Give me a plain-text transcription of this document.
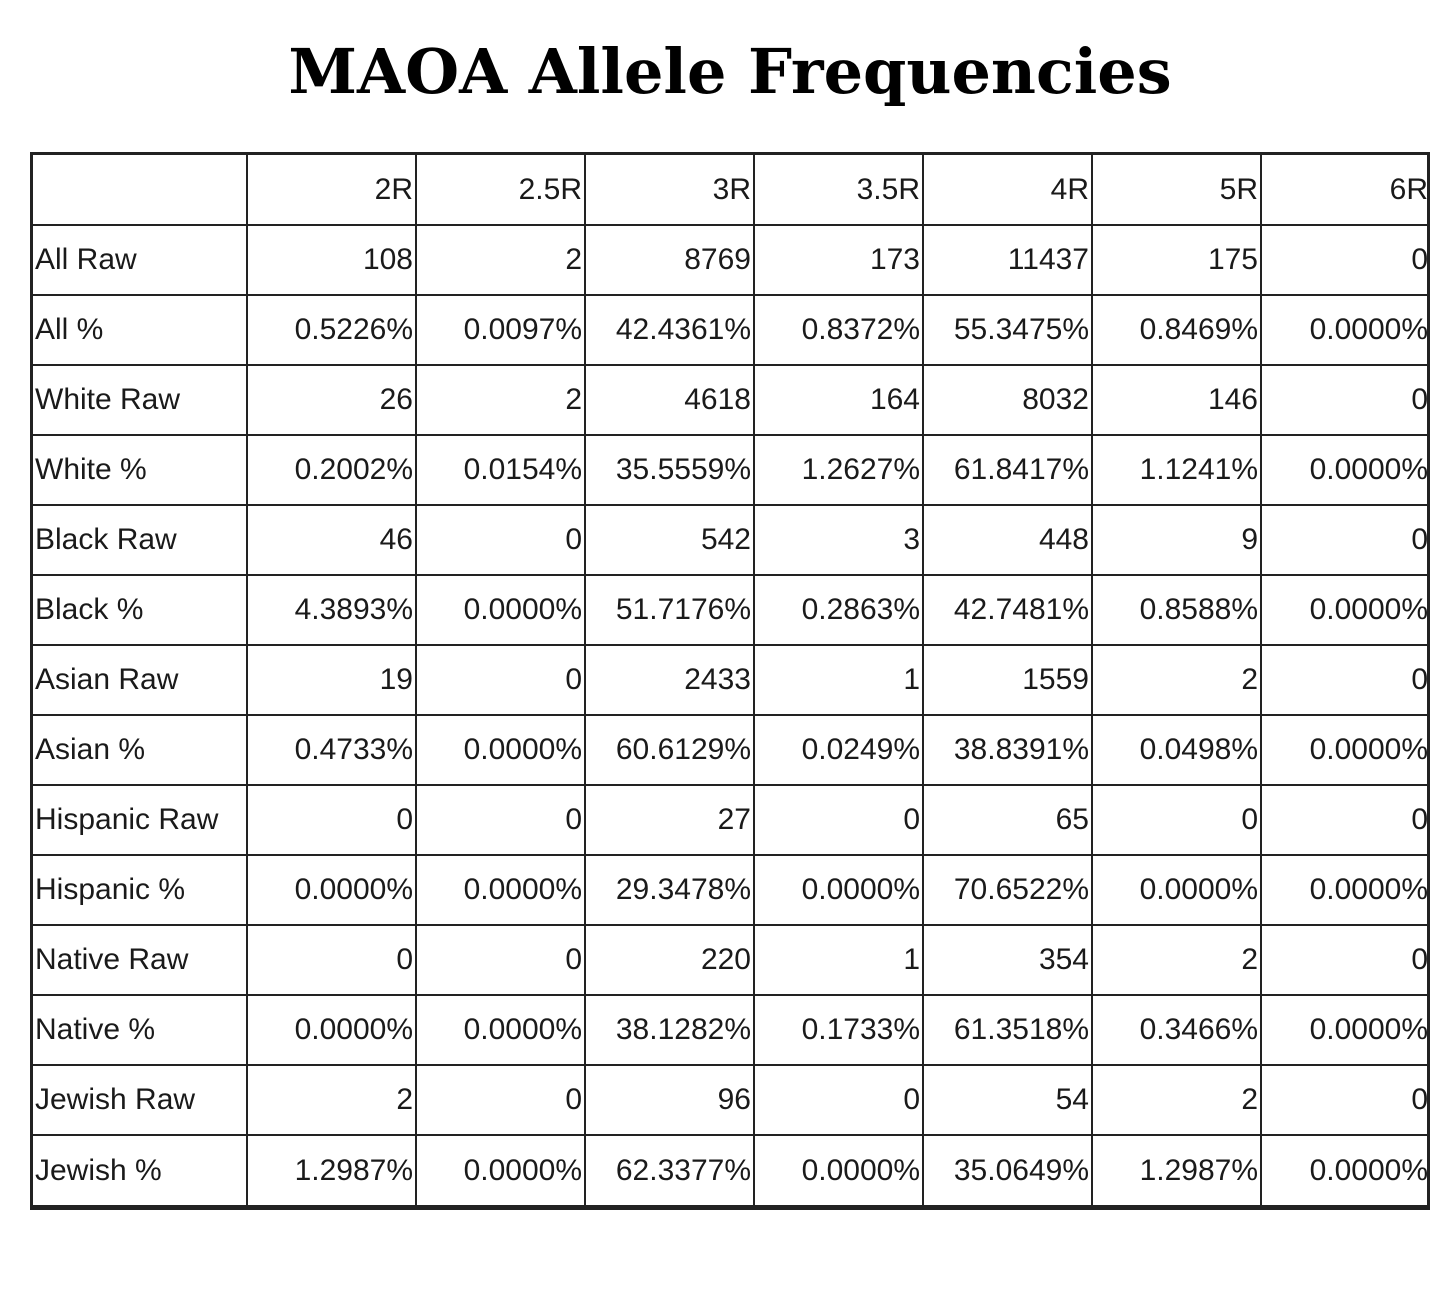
MAOA Allele Frequencies
	2R	2.5R	3R	3.5R	4R	5R	6R
All Raw	108	2	8769	173	11437	175	0
All %	0.5226%	0.0097%	42.4361%	0.8372%	55.3475%	0.8469%	0.0000%
White Raw	26	2	4618	164	8032	146	0
White %	0.2002%	0.0154%	35.5559%	1.2627%	61.8417%	1.1241%	0.0000%
Black Raw	46	0	542	3	448	9	0
Black %	4.3893%	0.0000%	51.7176%	0.2863%	42.7481%	0.8588%	0.0000%
Asian Raw	19	0	2433	1	1559	2	0
Asian %	0.4733%	0.0000%	60.6129%	0.0249%	38.8391%	0.0498%	0.0000%
Hispanic Raw	0	0	27	0	65	0	0
Hispanic %	0.0000%	0.0000%	29.3478%	0.0000%	70.6522%	0.0000%	0.0000%
Native Raw	0	0	220	1	354	2	0
Native %	0.0000%	0.0000%	38.1282%	0.1733%	61.3518%	0.3466%	0.0000%
Jewish Raw	2	0	96	0	54	2	0
Jewish %	1.2987%	0.0000%	62.3377%	0.0000%	35.0649%	1.2987%	0.0000%
